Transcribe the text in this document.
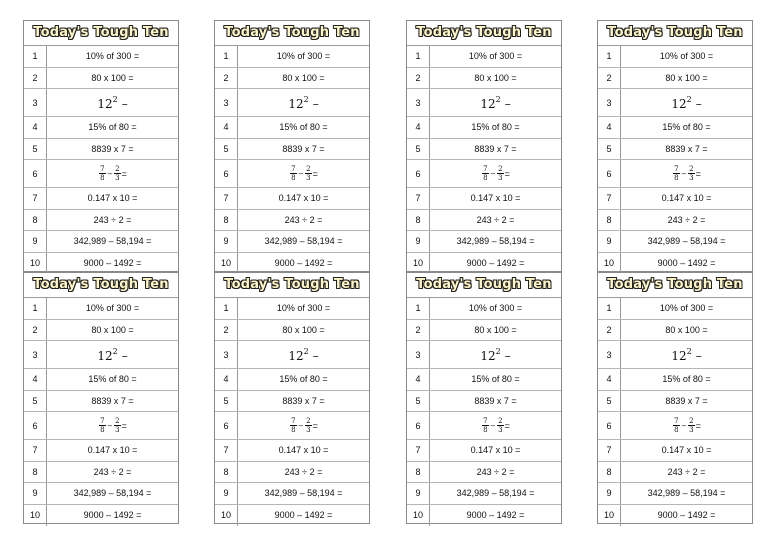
Today's Tough Ten
1	10% of 300 =
2	80 x 100 =
3	$12^2$ –
4	15% of 80 =
5	8839 x 7 =
6	$\frac{7}{8} - \frac{2}{3}$ =
7	0.147 x 10 =
8	243 ÷ 2 =
9	342,989 – 58,194 =
10	9000 – 1492 =
Today's Tough Ten
1	10% of 300 =
2	80 x 100 =
3	$12^2$ –
4	15% of 80 =
5	8839 x 7 =
6	$\frac{7}{8} - \frac{2}{3}$ =
7	0.147 x 10 =
8	243 ÷ 2 =
9	342,989 – 58,194 =
10	9000 – 1492 =
Today's Tough Ten
1	10% of 300 =
2	80 x 100 =
3	$12^2$ –
4	15% of 80 =
5	8839 x 7 =
6	$\frac{7}{8} - \frac{2}{3}$ =
7	0.147 x 10 =
8	243 ÷ 2 =
9	342,989 – 58,194 =
10	9000 – 1492 =
Today's Tough Ten
1	10% of 300 =
2	80 x 100 =
3	$12^2$ –
4	15% of 80 =
5	8839 x 7 =
6	$\frac{7}{8} - \frac{2}{3}$ =
7	0.147 x 10 =
8	243 ÷ 2 =
9	342,989 – 58,194 =
10	9000 – 1492 =
Today's Tough Ten
1	10% of 300 =
2	80 x 100 =
3	$12^2$ –
4	15% of 80 =
5	8839 x 7 =
6	$\frac{7}{8} - \frac{2}{3}$ =
7	0.147 x 10 =
8	243 ÷ 2 =
9	342,989 – 58,194 =
10	9000 – 1492 =
Today's Tough Ten
1	10% of 300 =
2	80 x 100 =
3	$12^2$ –
4	15% of 80 =
5	8839 x 7 =
6	$\frac{7}{8} - \frac{2}{3}$ =
7	0.147 x 10 =
8	243 ÷ 2 =
9	342,989 – 58,194 =
10	9000 – 1492 =
Today's Tough Ten
1	10% of 300 =
2	80 x 100 =
3	$12^2$ –
4	15% of 80 =
5	8839 x 7 =
6	$\frac{7}{8} - \frac{2}{3}$ =
7	0.147 x 10 =
8	243 ÷ 2 =
9	342,989 – 58,194 =
10	9000 – 1492 =
Today's Tough Ten
1	10% of 300 =
2	80 x 100 =
3	$12^2$ –
4	15% of 80 =
5	8839 x 7 =
6	$\frac{7}{8} - \frac{2}{3}$ =
7	0.147 x 10 =
8	243 ÷ 2 =
9	342,989 – 58,194 =
10	9000 – 1492 =
